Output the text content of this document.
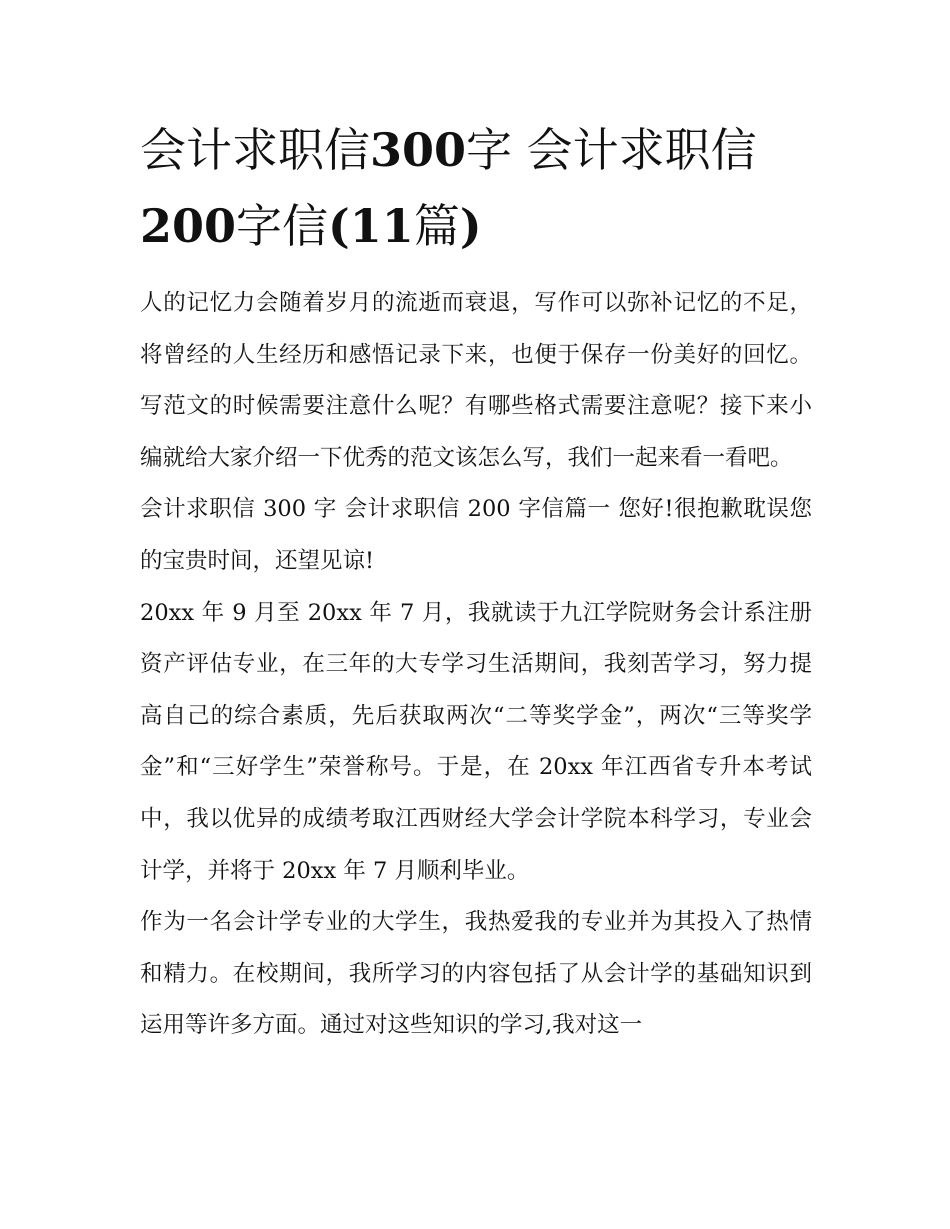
会计求职信300字 会计求职信
200字信(11篇)

人的记忆力会随着岁月的流逝而衰退，写作可以弥补记忆的不足，将曾经的人生经历和感悟记录下来，也便于保存一份美好的回忆。写范文的时候需要注意什么呢？有哪些格式需要注意呢？接下来小编就给大家介绍一下优秀的范文该怎么写，我们一起来看一看吧。

会计求职信 300 字 会计求职信 200 字信篇一 您好!很抱歉耽误您的宝贵时间，还望见谅!

20xx 年 9 月至 20xx 年 7 月，我就读于九江学院财务会计系注册资产评估专业，在三年的大专学习生活期间，我刻苦学习，努力提高自己的综合素质，先后获取两次“二等奖学金”，两次“三等奖学金”和“三好学生”荣誉称号。于是，在 20xx 年江西省专升本考试中，我以优异的成绩考取江西财经大学会计学院本科学习，专业会计学，并将于 20xx 年 7 月顺利毕业。

作为一名会计学专业的大学生，我热爱我的专业并为其投入了热情和精力。在校期间，我所学习的内容包括了从会计学的基础知识到运用等许多方面。通过对这些知识的学习,我对这一
